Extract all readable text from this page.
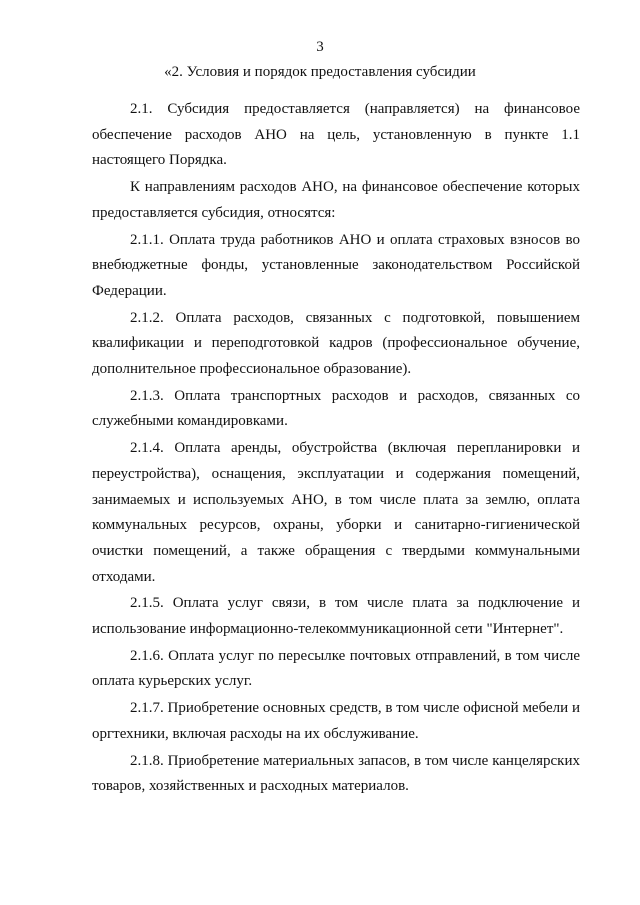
3
«2. Условия и порядок предоставления субсидии

2.1. Субсидия предоставляется (направляется) на финансовое обеспечение расходов АНО на цель, установленную в пункте 1.1 настоящего Порядка.

К направлениям расходов АНО, на финансовое обеспечение которых предоставляется субсидия, относятся:

2.1.1. Оплата труда работников АНО и оплата страховых взносов во внебюджетные фонды, установленные законодательством Российской Федерации.

2.1.2. Оплата расходов, связанных с подготовкой, повышением квалификации и переподготовкой кадров (профессиональное обучение, дополнительное профессиональное образование).

2.1.3. Оплата транспортных расходов и расходов, связанных со служебными командировками.

2.1.4. Оплата аренды, обустройства (включая перепланировки и переустройства), оснащения, эксплуатации и содержания помещений, занимаемых и используемых АНО, в том числе плата за землю, оплата коммунальных ресурсов, охраны, уборки и санитарно-гигиенической очистки помещений, а также обращения с твердыми коммунальными отходами.

2.1.5. Оплата услуг связи, в том числе плата за подключение и использование информационно-телекоммуникационной сети "Интернет".

2.1.6. Оплата услуг по пересылке почтовых отправлений, в том числе оплата курьерских услуг.

2.1.7. Приобретение основных средств, в том числе офисной мебели и оргтехники, включая расходы на их обслуживание.

2.1.8. Приобретение материальных запасов, в том числе канцелярских товаров, хозяйственных и расходных материалов.
